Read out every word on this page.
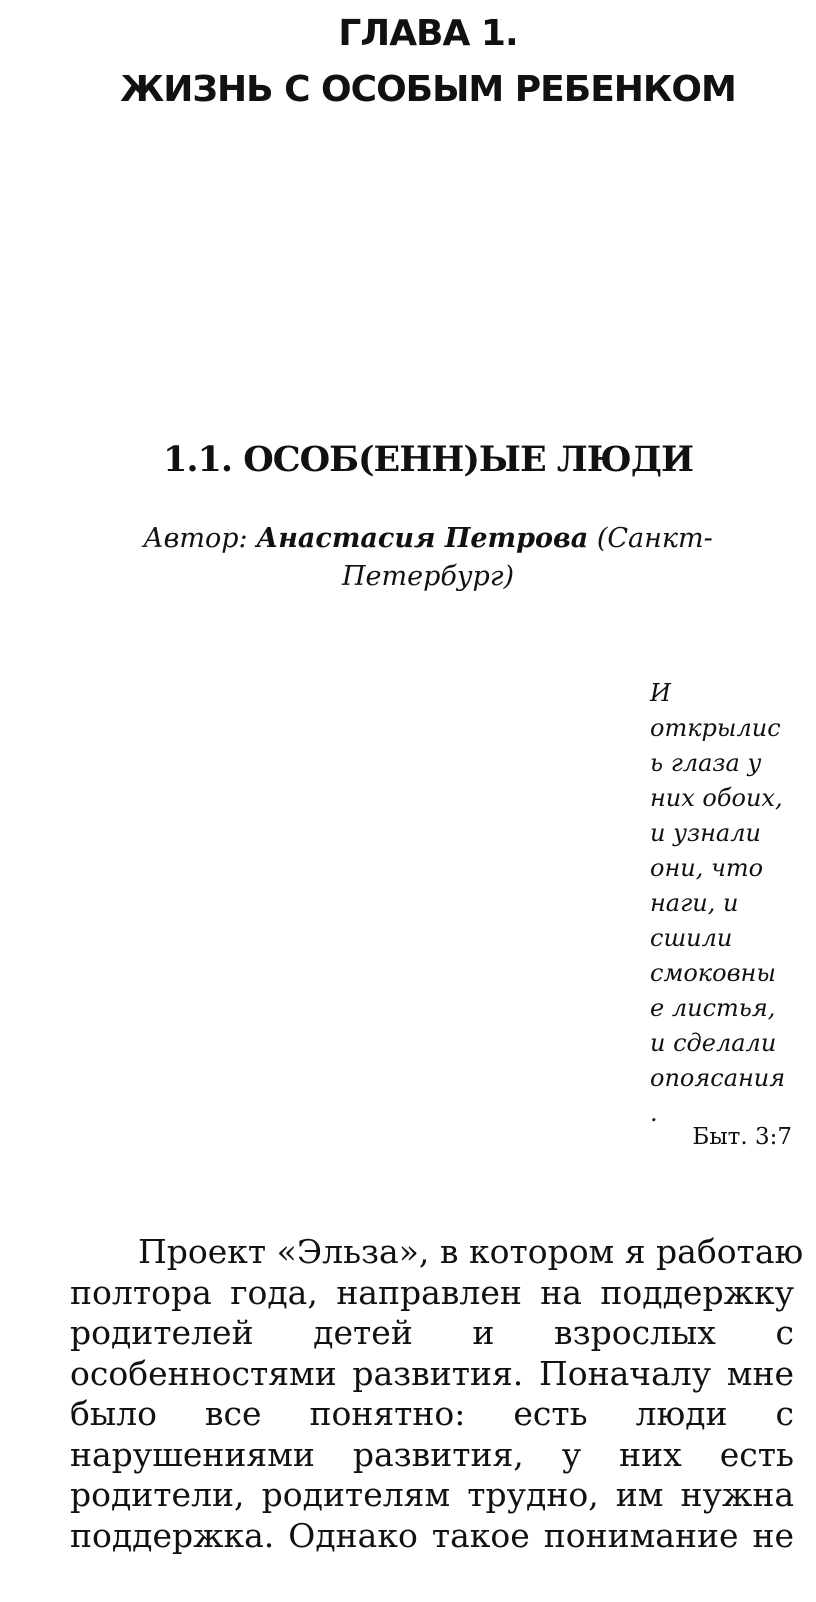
ГЛАВА 1.
ЖИЗНЬ С ОСОБЫМ РЕБЕНКОМ
1.1. ОСОБ(ЕНН)ЫЕ ЛЮДИ

Автор: Анастасия Петрова (Санкт-
Петербург)

И
открылис
ь глаза у
них обоих,
и узнали
они, что
наги, и
сшили
смоковны
е листья,
и сделали
опоясания
.

Быт. 3:7

Проект «Эльза», в котором я работаю
полтора года, направлен на поддержку
родителей детей и взрослых с
особенностями развития. Поначалу мне
было все понятно: есть люди с
нарушениями развития, у них есть
родители, родителям трудно, им нужна
поддержка. Однако такое понимание не
